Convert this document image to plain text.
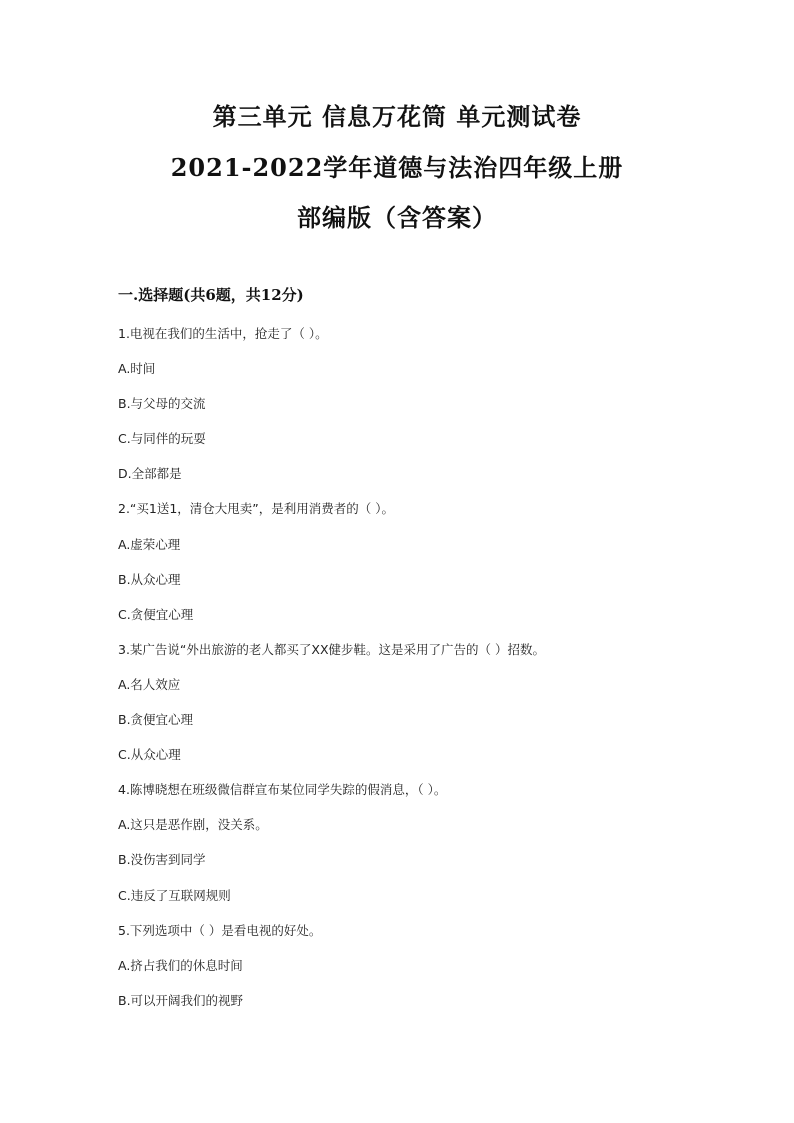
第三单元 信息万花筒 单元测试卷
2021-2022学年道德与法治四年级上册
部编版（含答案）
一.选择题(共6题，共12分)
1.电视在我们的生活中，抢走了（ ）。
A.时间
B.与父母的交流
C.与同伴的玩耍
D.全部都是
2.“买1送1，清仓大甩卖”，是利用消费者的（ ）。
A.虚荣心理
B.从众心理
C.贪便宜心理
3.某广告说“外出旅游的老人都买了XX健步鞋。这是采用了广告的（ ）招数。
A.名人效应
B.贪便宜心理
C.从众心理
4.陈博晓想在班级微信群宣布某位同学失踪的假消息，（ ）。
A.这只是恶作剧，没关系。
B.没伤害到同学
C.违反了互联网规则
5.下列选项中（ ）是看电视的好处。
A.挤占我们的休息时间
B.可以开阔我们的视野
